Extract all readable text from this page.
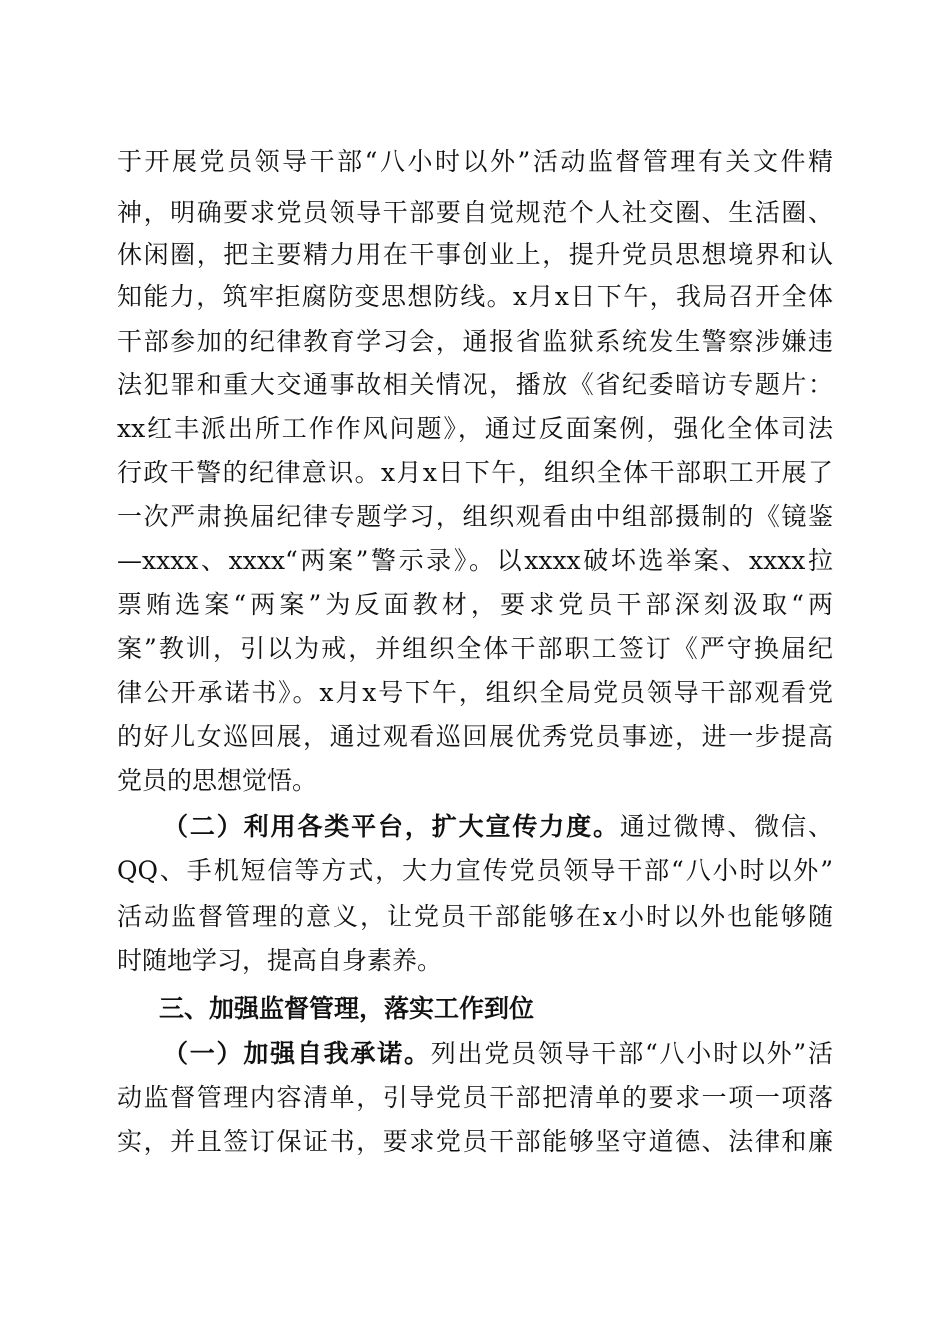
于开展党员领导干部“八小时以外”活动监督管理有关文件精
神，明确要求党员领导干部要自觉规范个人社交圈、生活圈、
休闲圈，把主要精力用在干事创业上，提升党员思想境界和认
知能力，筑牢拒腐防变思想防线。x月x日下午，我局召开全体
干部参加的纪律教育学习会，通报省监狱系统发生警察涉嫌违
法犯罪和重大交通事故相关情况，播放《省纪委暗访专题片：
xx红丰派出所工作作风问题》，通过反面案例，强化全体司法
行政干警的纪律意识。x月x日下午，组织全体干部职工开展了
一次严肃换届纪律专题学习，组织观看由中组部摄制的《镜鉴
—xxxx、xxxx“两案”警示录》。以xxxx破坏选举案、xxxx拉
票贿选案“两案”为反面教材，要求党员干部深刻汲取“两
案”教训，引以为戒，并组织全体干部职工签订《严守换届纪
律公开承诺书》。x月x号下午，组织全局党员领导干部观看党
的好儿女巡回展，通过观看巡回展优秀党员事迹，进一步提高
党员的思想觉悟。
（二）利用各类平台，扩大宣传力度。通过微博、微信、
QQ、手机短信等方式，大力宣传党员领导干部“八小时以外”
活动监督管理的意义，让党员干部能够在x小时以外也能够随
时随地学习，提高自身素养。
三、加强监督管理，落实工作到位
（一）加强自我承诺。列出党员领导干部“八小时以外”活
动监督管理内容清单，引导党员干部把清单的要求一项一项落
实，并且签订保证书，要求党员干部能够坚守道德、法律和廉
